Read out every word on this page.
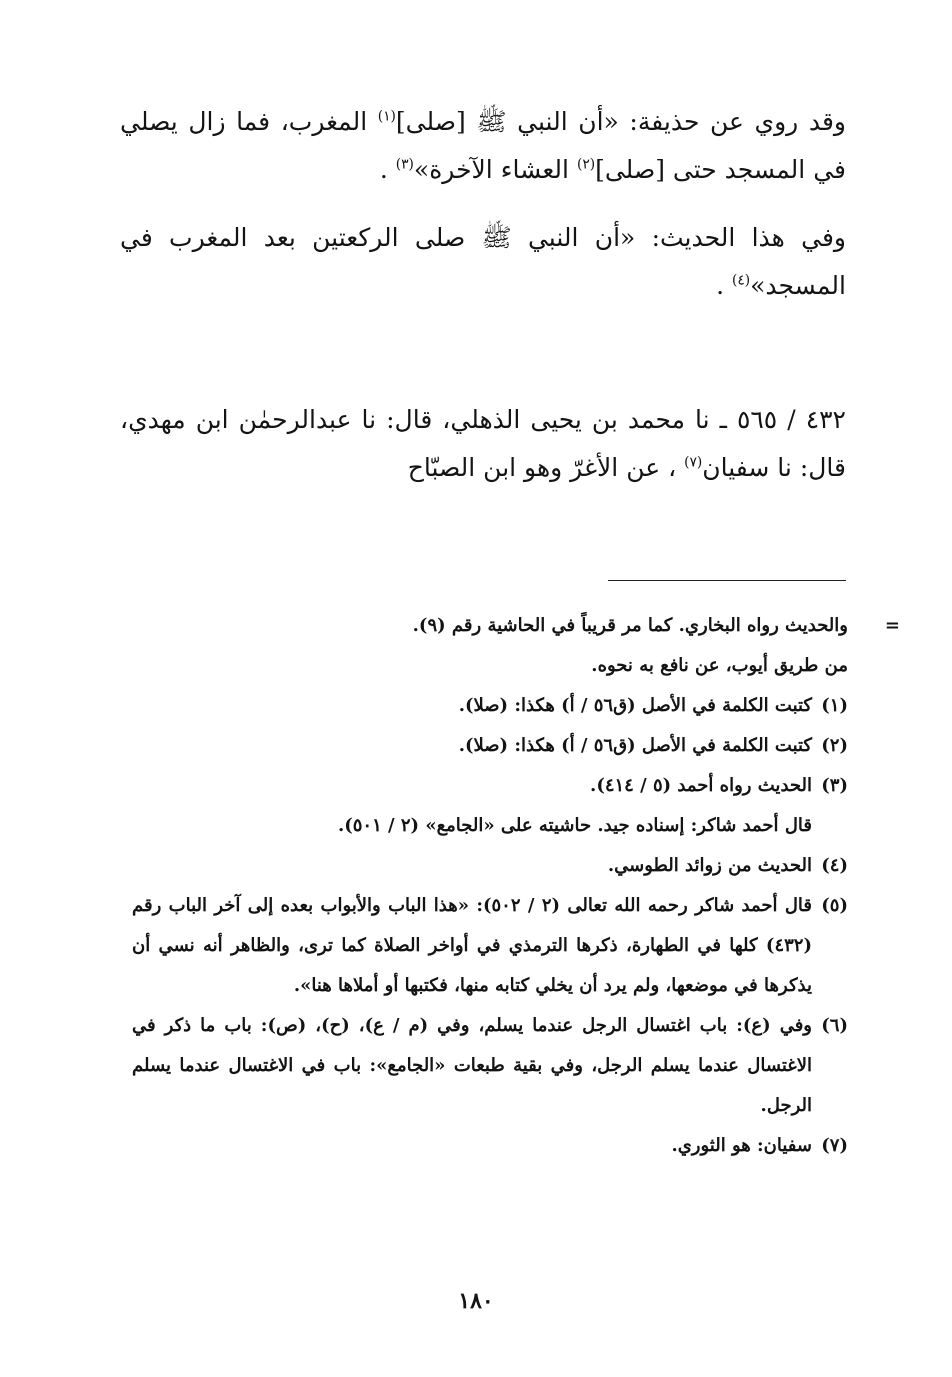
وقد روي عن حذيفة: «أن النبي ﷺ [صلى]$^{(١)}$ المغرب، فما زال يصلي في المسجد حتى [صلى]$^{(٢)}$ العشاء الآخرة»$^{(٣)}$ .

وفي هذا الحديث: «أن النبي ﷺ صلى الركعتين بعد المغرب في المسجد»$^{(٤)}$ .

٤٣٢ / ٥٦٥ ـ نا محمد بن يحيى الذهلي، قال: نا عبدالرحمٰن ابن مهدي، قال: نا سفيان$^{(٧)}$ ، عن الأغرّ وهو ابن الصبّاح

=
والحديث رواه البخاري. كما مر قريباً في الحاشية رقم (٩).
من طريق أيوب، عن نافع به نحوه.
(١)
كتبت الكلمة في الأصل (ق٥٦ / أ) هكذا: (صلا).
(٢)
كتبت الكلمة في الأصل (ق٥٦ / أ) هكذا: (صلا).
(٣)
الحديث رواه أحمد (٥ / ٤١٤).
قال أحمد شاكر: إسناده جيد. حاشيته على «الجامع» (٢ / ٥٠١).
(٤)
الحديث من زوائد الطوسي.
(٥)
قال أحمد شاكر رحمه الله تعالى (٢ / ٥٠٢): «هذا الباب والأبواب بعده إلى آخر الباب رقم (٤٣٢) كلها في الطهارة، ذكرها الترمذي في أواخر الصلاة كما ترى، والظاهر أنه نسي أن يذكرها في موضعها، ولم يرد أن يخلي كتابه منها، فكتبها أو أملاها هنا».
(٦)
وفي (ع): باب اغتسال الرجل عندما يسلم، وفي (م / ع)، (ح)، (ص): باب ما ذكر في الاغتسال عندما يسلم الرجل، وفي بقية طبعات «الجامع»: باب في الاغتسال عندما يسلم الرجل.
(٧)
سفيان: هو الثوري.
١٨٠
